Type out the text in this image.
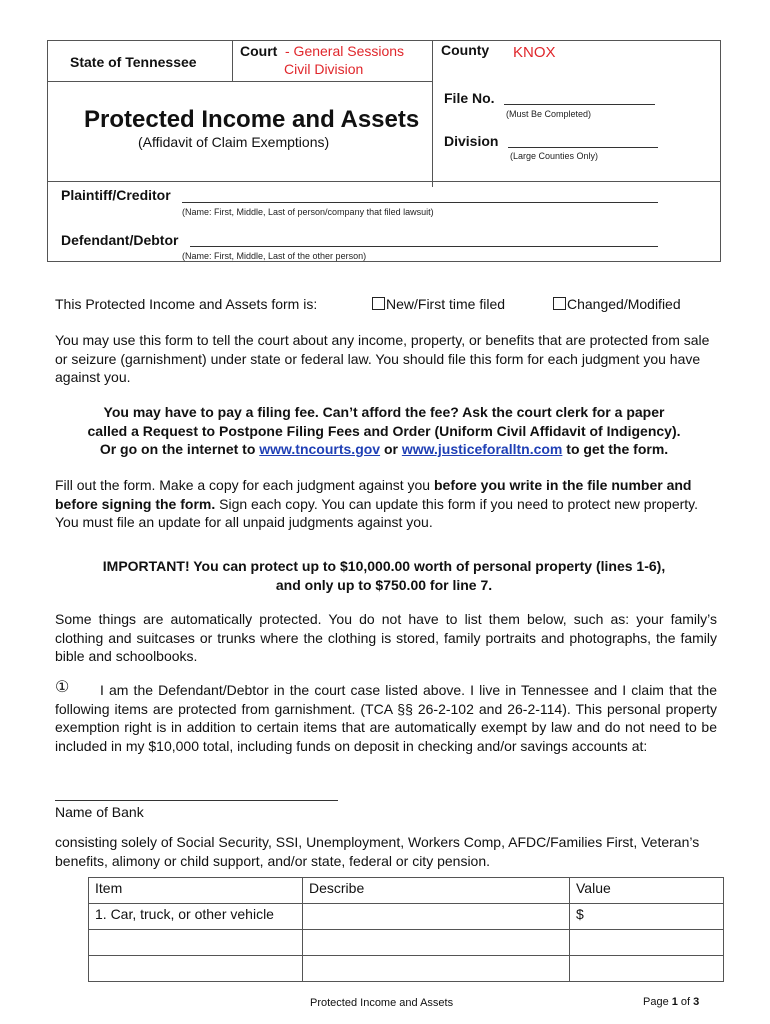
State of Tennessee
Court - General Sessions
Civil Division
County KNOX
Protected Income and Assets
(Affidavit of Claim Exemptions)
File No.
(Must Be Completed)
Division
(Large Counties Only)
Plaintiff/Creditor
(Name: First, Middle, Last of person/company that filed lawsuit)
Defendant/Debtor
(Name: First, Middle, Last of the other person)
This Protected Income and Assets form is:	New/First time filed	Changed/Modified
You may use this form to tell the court about any income, property, or benefits that are protected from sale or seizure (garnishment) under state or federal law. You should file this form for each judgment you have against you.
You may have to pay a filing fee. Can’t afford the fee? Ask the court clerk for a paper
called a Request to Postpone Filing Fees and Order (Uniform Civil Affidavit of Indigency).
Or go on the internet to www.tncourts.gov or www.justiceforalltn.com to get the form.
Fill out the form. Make a copy for each judgment against you before you write in the file number and before signing the form. Sign each copy. You can update this form if you need to protect new property. You must file an update for all unpaid judgments against you.
IMPORTANT! You can protect up to $10,000.00 worth of personal property (lines 1-6),
and only up to $750.00 for line 7.
Some things are automatically protected. You do not have to list them below, such as: your family’s clothing and suitcases or trunks where the clothing is stored, family portraits and photographs, the family bible and schoolbooks.
①	I am the Defendant/Debtor in the court case listed above. I live in Tennessee and I claim that the following items are protected from garnishment. (TCA §§ 26-2-102 and 26-2-114). This personal property exemption right is in addition to certain items that are automatically exempt by law and do not need to be included in my $10,000 total, including funds on deposit in checking and/or savings accounts at:
Name of Bank
consisting solely of Social Security, SSI, Unemployment, Workers Comp, AFDC/Families First, Veteran’s benefits, alimony or child support, and/or state, federal or city pension.
Item	Describe	Value
1. Car, truck, or other vehicle		$

Protected Income and Assets	Page 1 of 3
